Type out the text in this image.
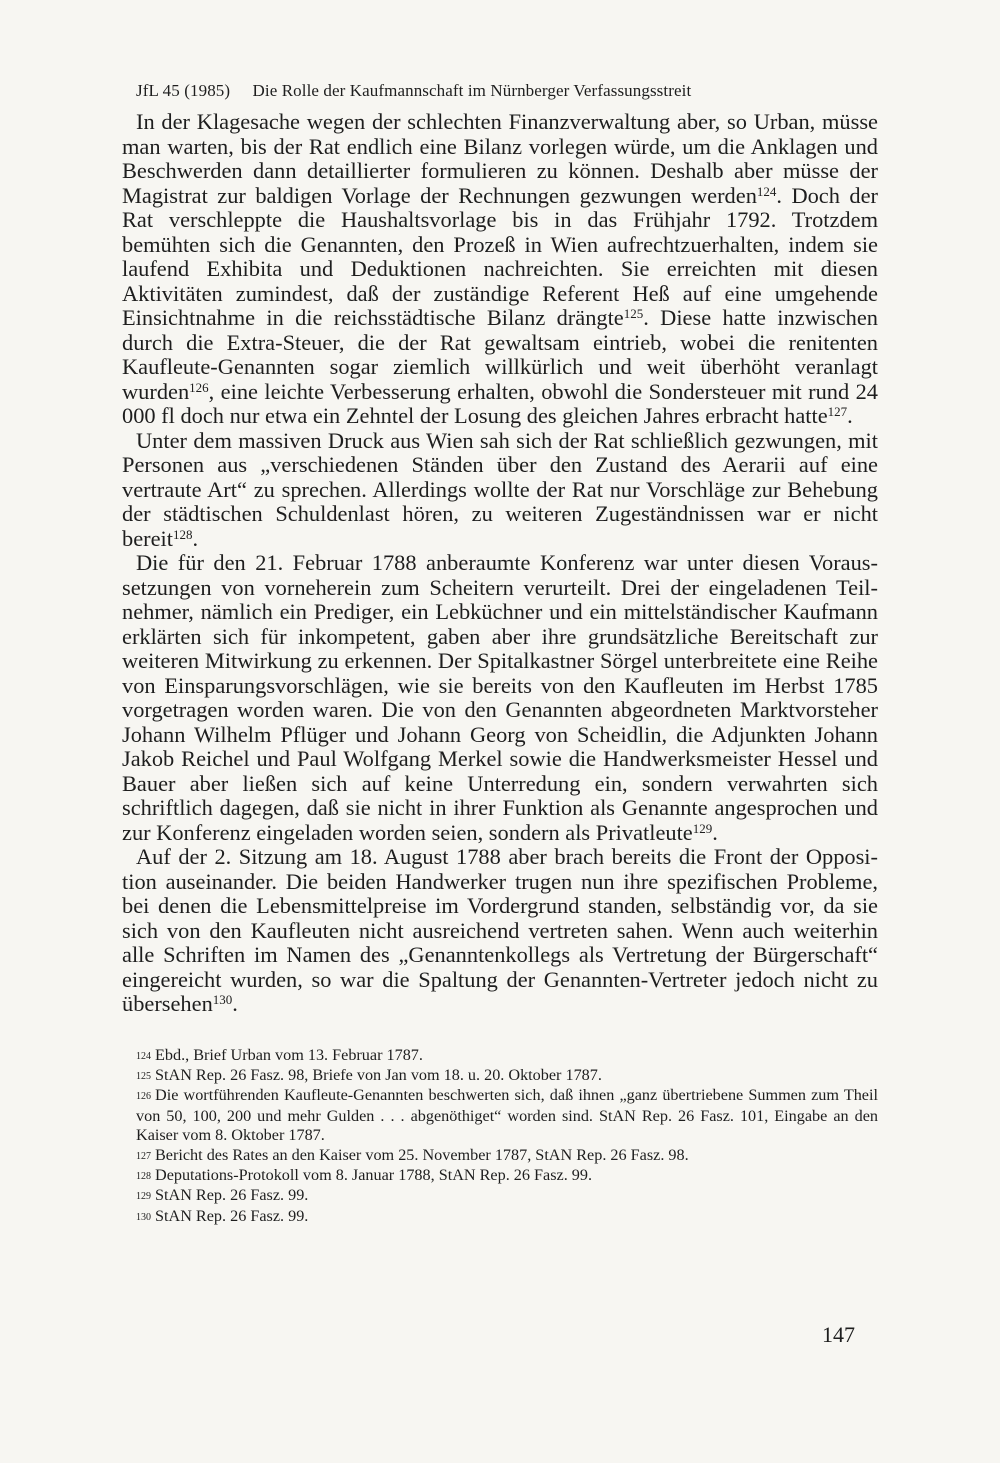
JfL 45 (1985) Die Rolle der Kaufmannschaft im Nürnberger Verfassungsstreit

In der Klagesache wegen der schlechten Finanzverwaltung aber, so Urban, müsse man warten, bis der Rat endlich eine Bilanz vorlegen würde, um die Anklagen und Beschwerden dann detaillierter formulieren zu können. Deshalb aber müsse der Magistrat zur baldigen Vorlage der Rechnungen gezwungen werden$^{124}$. Doch der Rat verschleppte die Haushaltsvorlage bis in das Frühjahr 1792. Trotzdem bemühten sich die Genannten, den Prozeß in Wien aufrechtzuerhalten, indem sie laufend Exhibita und Deduktionen nachreichten. Sie erreichten mit diesen Aktivitäten zumindest, daß der zuständige Referent Heß auf eine umgehende Einsichtnahme in die reichsstädtische Bilanz drängte$^{125}$. Diese hatte inzwischen durch die Extra-Steuer, die der Rat gewaltsam eintrieb, wobei die renitenten Kaufleute-Genannten sogar ziemlich willkürlich und weit überhöht veranlagt wurden$^{126}$, eine leichte Verbesserung erhalten, obwohl die Sondersteuer mit rund 24 000 fl doch nur etwa ein Zehntel der Losung des gleichen Jahres erbracht hatte$^{127}$.

Unter dem massiven Druck aus Wien sah sich der Rat schließlich gezwungen, mit Personen aus „verschiedenen Ständen über den Zustand des Aerarii auf eine vertraute Art“ zu sprechen. Allerdings wollte der Rat nur Vorschläge zur Behebung der städtischen Schuldenlast hören, zu weiteren Zugeständnissen war er nicht bereit$^{128}$.

Die für den 21. Februar 1788 anberaumte Konferenz war unter diesen Voraussetzungen von vorneherein zum Scheitern verurteilt. Drei der eingeladenen Teilnehmer, nämlich ein Prediger, ein Lebküchner und ein mittelständischer Kaufmann erklärten sich für inkompetent, gaben aber ihre grundsätzliche Bereitschaft zur weiteren Mitwirkung zu erkennen. Der Spitalkastner Sörgel unterbreitete eine Reihe von Einsparungsvorschlägen, wie sie bereits von den Kaufleuten im Herbst 1785 vorgetragen worden waren. Die von den Genannten abgeordneten Marktvorsteher Johann Wilhelm Pflüger und Johann Georg von Scheidlin, die Adjunkten Johann Jakob Reichel und Paul Wolfgang Merkel sowie die Handwerksmeister Hessel und Bauer aber ließen sich auf keine Unterredung ein, sondern verwahrten sich schriftlich dagegen, daß sie nicht in ihrer Funktion als Genannte angesprochen und zur Konferenz eingeladen worden seien, sondern als Privatleute$^{129}$.

Auf der 2. Sitzung am 18. August 1788 aber brach bereits die Front der Opposition auseinander. Die beiden Handwerker trugen nun ihre spezifischen Probleme, bei denen die Lebensmittelpreise im Vordergrund standen, selbständig vor, da sie sich von den Kaufleuten nicht ausreichend vertreten sahen. Wenn auch weiterhin alle Schriften im Namen des „Genanntenkollegs als Vertretung der Bürgerschaft“ eingereicht wurden, so war die Spaltung der Genannten-Vertreter jedoch nicht zu übersehen$^{130}$.

124 Ebd., Brief Urban vom 13. Februar 1787.

125 StAN Rep. 26 Fasz. 98, Briefe von Jan vom 18. u. 20. Oktober 1787.

126 Die wortführenden Kaufleute-Genannten beschwerten sich, daß ihnen „ganz übertriebene Summen zum Theil von 50, 100, 200 und mehr Gulden . . . abgenöthiget“ worden sind. StAN Rep. 26 Fasz. 101, Eingabe an den Kaiser vom 8. Oktober 1787.

127 Bericht des Rates an den Kaiser vom 25. November 1787, StAN Rep. 26 Fasz. 98.

128 Deputations-Protokoll vom 8. Januar 1788, StAN Rep. 26 Fasz. 99.

129 StAN Rep. 26 Fasz. 99.

130 StAN Rep. 26 Fasz. 99.

147
